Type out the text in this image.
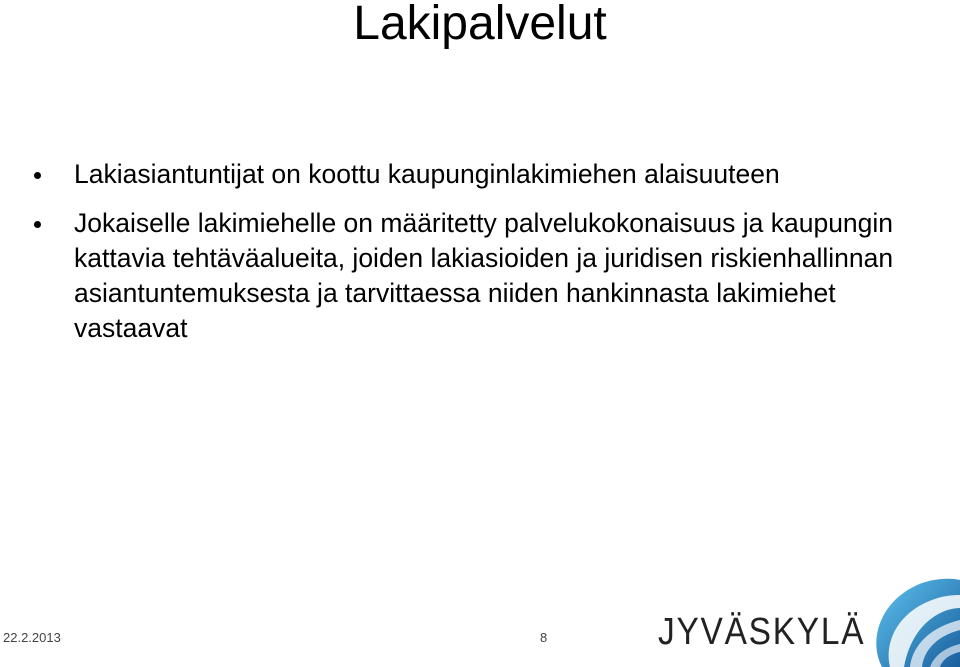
Lakipalvelut
Lakiasiantuntijat on koottu kaupunginlakimiehen alaisuuteen
Jokaiselle lakimiehelle on määritetty palvelukokonaisuus ja kaupungin kattavia tehtäväalueita, joiden lakiasioiden ja juridisen riskienhallinnan asiantuntemuksesta ja tarvittaessa niiden hankinnasta lakimiehet vastaavat
22.2.2013	8	JYVÄSKYLÄ
